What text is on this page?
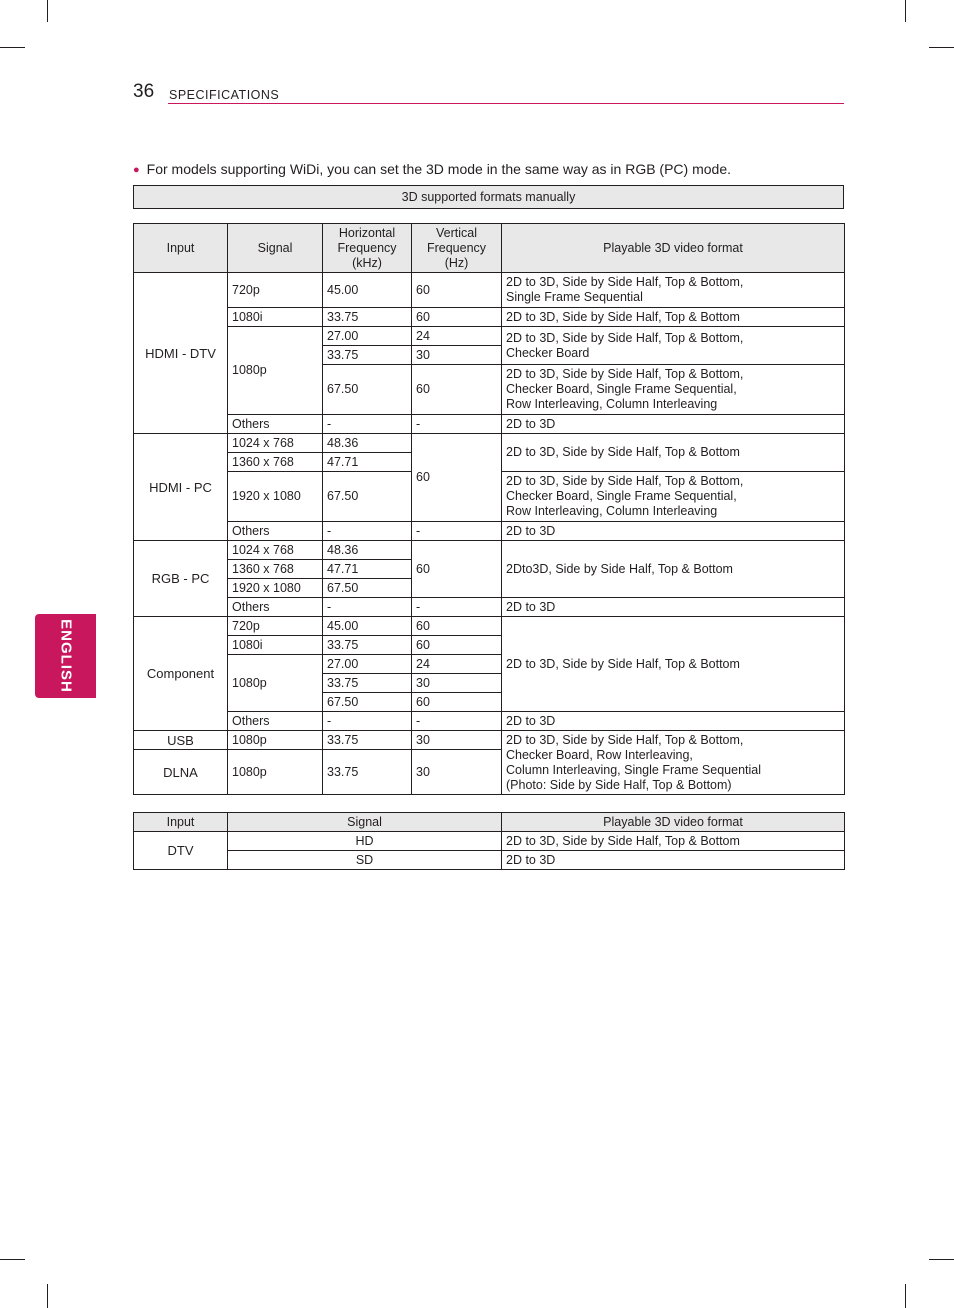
36 SPECIFICATIONS
ENGLISH
● For models supporting WiDi, you can set the 3D mode in the same way as in RGB (PC) mode.
3D supported formats manually
Input	Signal	Horizontal
Frequency
(kHz)	Vertical
Frequency
(Hz)	Playable 3D video format
HDMI - DTV	720p	45.00	60	2D to 3D, Side by Side Half, Top & Bottom,
Single Frame Sequential
	1080i	33.75	60	2D to 3D, Side by Side Half, Top & Bottom
	1080p	27.00	24	2D to 3D, Side by Side Half, Top & Bottom,
Checker Board
		33.75	30	
		67.50	60	2D to 3D, Side by Side Half, Top & Bottom,
Checker Board, Single Frame Sequential,
Row Interleaving, Column Interleaving
	Others	-	-	2D to 3D
HDMI - PC	1024 x 768	48.36	60	2D to 3D, Side by Side Half, Top & Bottom
	1360 x 768	47.71		
	1920 x 1080	67.50		2D to 3D, Side by Side Half, Top & Bottom,
Checker Board, Single Frame Sequential,
Row Interleaving, Column Interleaving
	Others	-	-	2D to 3D
RGB - PC	1024 x 768	48.36	60	2Dto3D, Side by Side Half, Top & Bottom
	1360 x 768	47.71		
	1920 x 1080	67.50		
	Others	-	-	2D to 3D
Component	720p	45.00	60	2D to 3D, Side by Side Half, Top & Bottom
	1080i	33.75	60	
	1080p	27.00	24	
		33.75	30	
		67.50	60	
	Others	-	-	2D to 3D
USB	1080p	33.75	30	2D to 3D, Side by Side Half, Top & Bottom,
Checker Board, Row Interleaving,
Column Interleaving, Single Frame Sequential
(Photo: Side by Side Half, Top & Bottom)
DLNA	1080p	33.75	30	
Input	Signal	Playable 3D video format
DTV	HD	2D to 3D, Side by Side Half, Top & Bottom
	SD	2D to 3D
